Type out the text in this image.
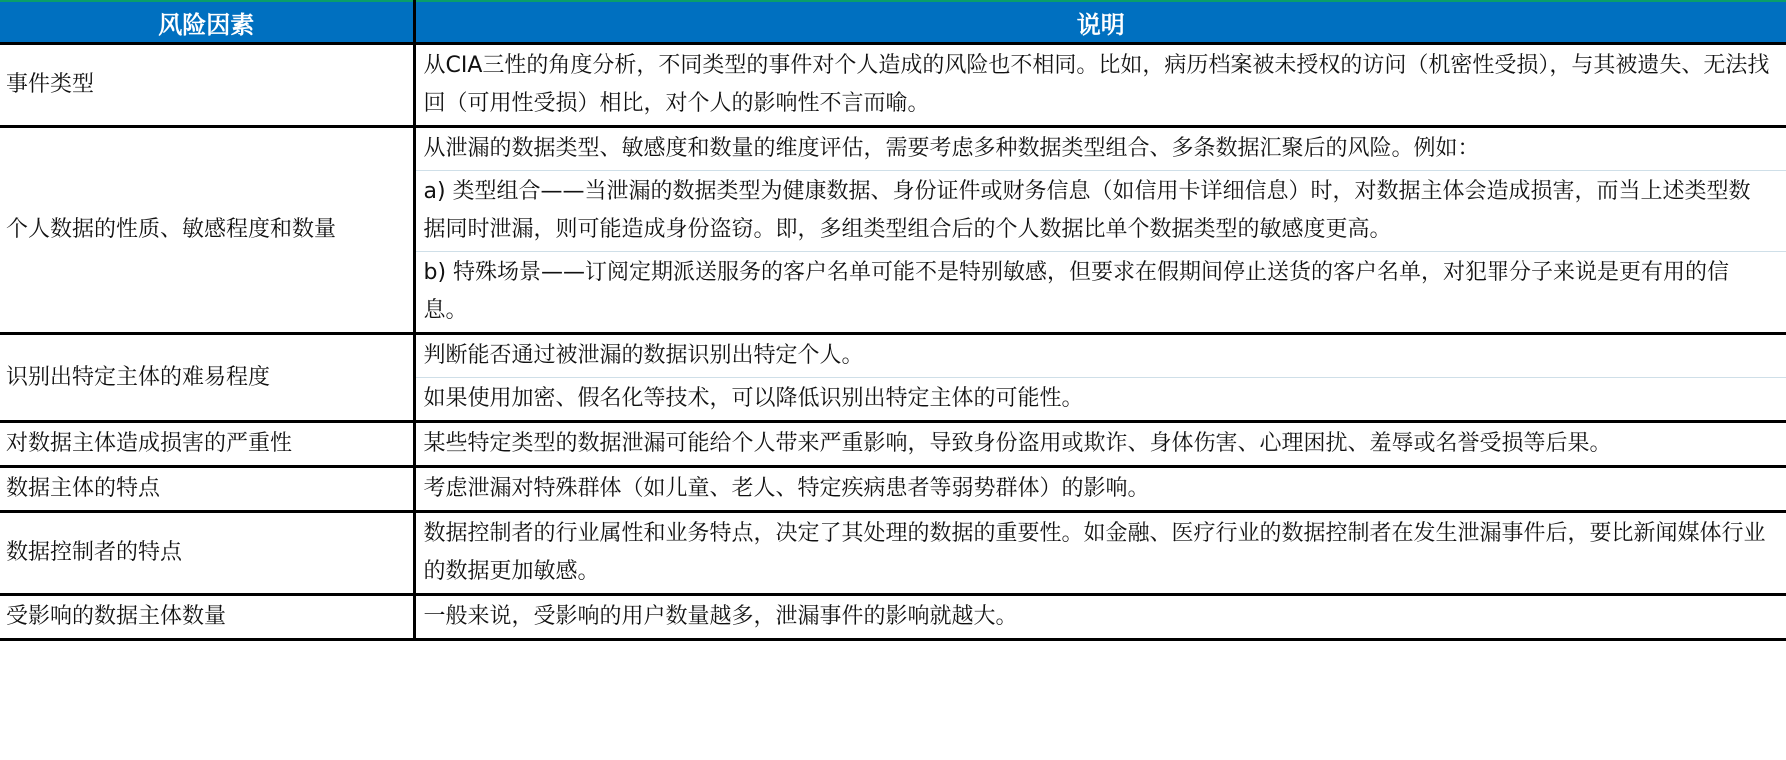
风险因素	说明
事件类型	从CIA三性的角度分析，不同类型的事件对个人造成的风险也不相同。比如，病历档案被未授权的访问（机密性受损），与其被遗失、无法找回（可用性受损）相比，对个人的影响性不言而喻。

个人数据的性质、敏感程度和数量	从泄漏的数据类型、敏感度和数量的维度评估，需要考虑多种数据类型组合、多条数据汇聚后的风险。例如：
a) 类型组合——当泄漏的数据类型为健康数据、身份证件或财务信息（如信用卡详细信息）时，对数据主体会造成损害，而当上述类型数据同时泄漏，则可能造成身份盗窃。即，多组类型组合后的个人数据比单个数据类型的敏感度更高。
b) 特殊场景——订阅定期派送服务的客户名单可能不是特别敏感，但要求在假期间停止送货的客户名单，对犯罪分子来说是更有用的信息。

识别出特定主体的难易程度	判断能否通过被泄漏的数据识别出特定个人。
如果使用加密、假名化等技术，可以降低识别出特定主体的可能性。

对数据主体造成损害的严重性	某些特定类型的数据泄漏可能给个人带来严重影响，导致身份盗用或欺诈、身体伤害、心理困扰、羞辱或名誉受损等后果。

数据主体的特点	考虑泄漏对特殊群体（如儿童、老人、特定疾病患者等弱势群体）的影响。

数据控制者的特点	数据控制者的行业属性和业务特点，决定了其处理的数据的重要性。如金融、医疗行业的数据控制者在发生泄漏事件后，要比新闻媒体行业的数据更加敏感。

受影响的数据主体数量	一般来说，受影响的用户数量越多，泄漏事件的影响就越大。
